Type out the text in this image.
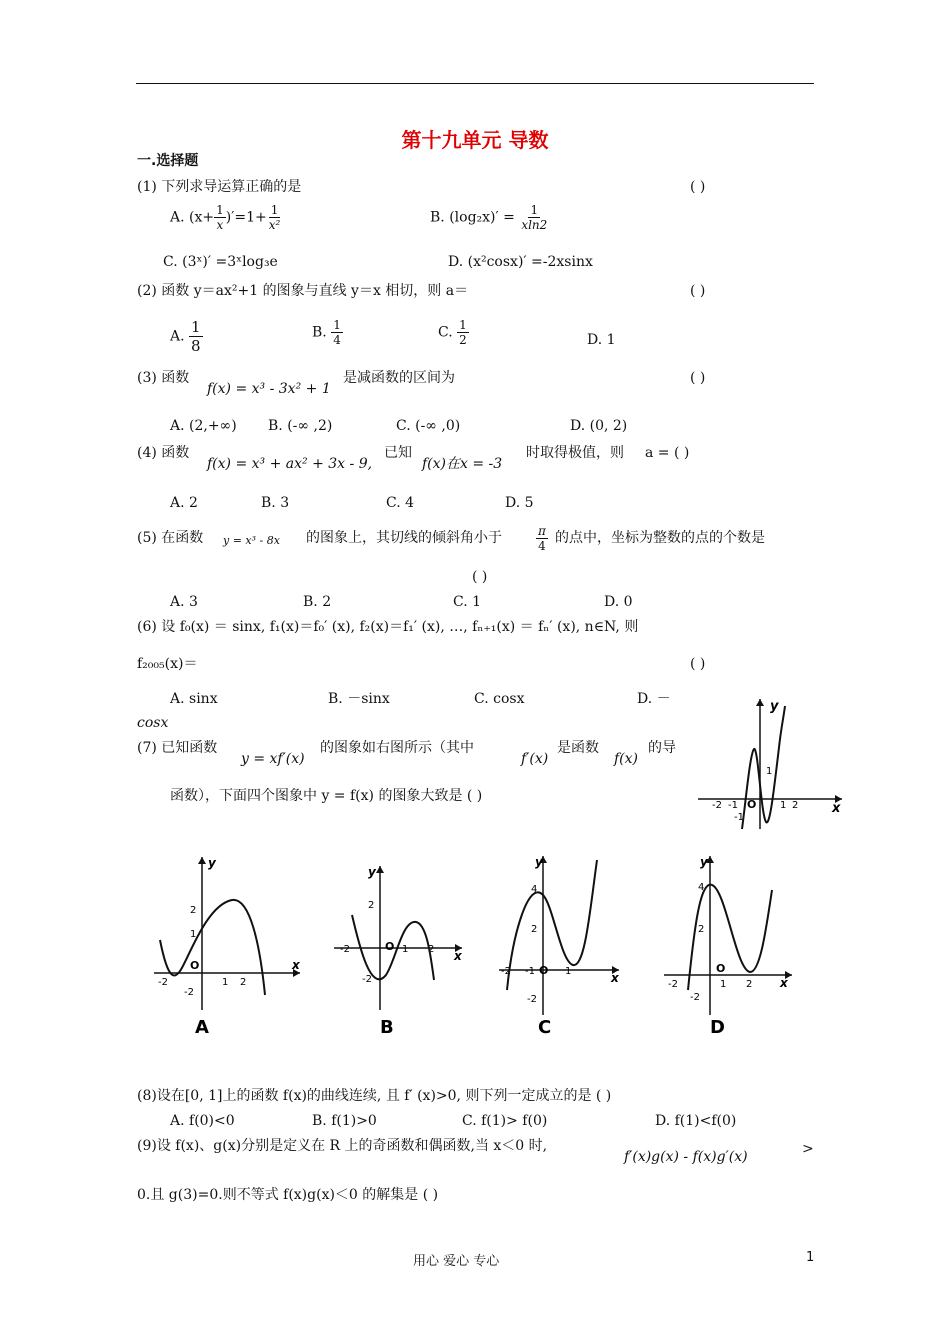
第十九单元 导数
一.选择题
(1) 下列求导运算正确的是	( )
A. $(x+ \frac{1}{x} )'=1+ \frac{1}{\text{x²}}$	B. $(\log_2x)' = \frac{1}{xln2}$
C. (3ˣ)′ =3ˣlog₃e	D. (x²cosx)′ =-2xsinx
(2) 函数 y＝ax²+1 的图象与直线 y＝x 相切，则 a＝	( )
A. $\frac{1}{8}$	B. $\frac{1}{4}$	C. $\frac{1}{2}$	D. 1
(3) 函数
f(x) = x³ - 3x² + 1
是减函数的区间为	( )
A. (2,+∞) B. (-∞ ,2)	C. (-∞ ,0)	D. (0, 2)
(4) 函数
f(x) = x³ + ax² + 3x - 9,
已知
f(x)在x = -3
时取得极值，则 a = ( )
A. 2	B. 3	C. 4	D. 5
(5) 在函数 y = x³ - 8x 的图象上，其切线的倾斜角小于	$\frac{\pi}{4}$ 的点中，坐标为整数的点的个数是
( )
A. 3	B. 2	C. 1	D. 0
(6) 设 f₀(x) ＝ sinx, f₁(x)＝f₀′ (x), f₂(x)＝f₁′ (x), …, fₙ₊₁(x) ＝ fₙ′ (x), n∈N, 则
f₂₀₀₅(x)＝	( )
A. sinx	B. －sinx	C. cosx	D. －
cosx
(7) 已知函数
y = xf′(x)
的图象如右图所示（其中
f′(x)
是函数
f(x)
的导
函数），下面四个图象中 y = f(x) 的图象大致是 ( )
y
x
O
1
-1
-2	1 2
-1
y
x
O
2
1
-2	1 2
-2
A
y
x
O
2
-2	1 2
-2
B
y
x
O
4
2
-2 -1	1
-2
C
y
x
O
4
2
-2	1 2
-2
D
(8)设在[0, 1]上的函数 f(x)的曲线连续, 且 f′ (x)>0, 则下列一定成立的是 ( )
A. f(0)<0	B. f(1)>0	C. f(1)> f(0)	D. f(1)<f(0)
(9)设 f(x)、g(x)分别是定义在 R 上的奇函数和偶函数,当 x＜0 时,
f′(x)g(x) - f(x)g′(x)	>
0.且 g(3)=0.则不等式 f(x)g(x)＜0 的解集是 ( )
用心 爱心 专心	1
